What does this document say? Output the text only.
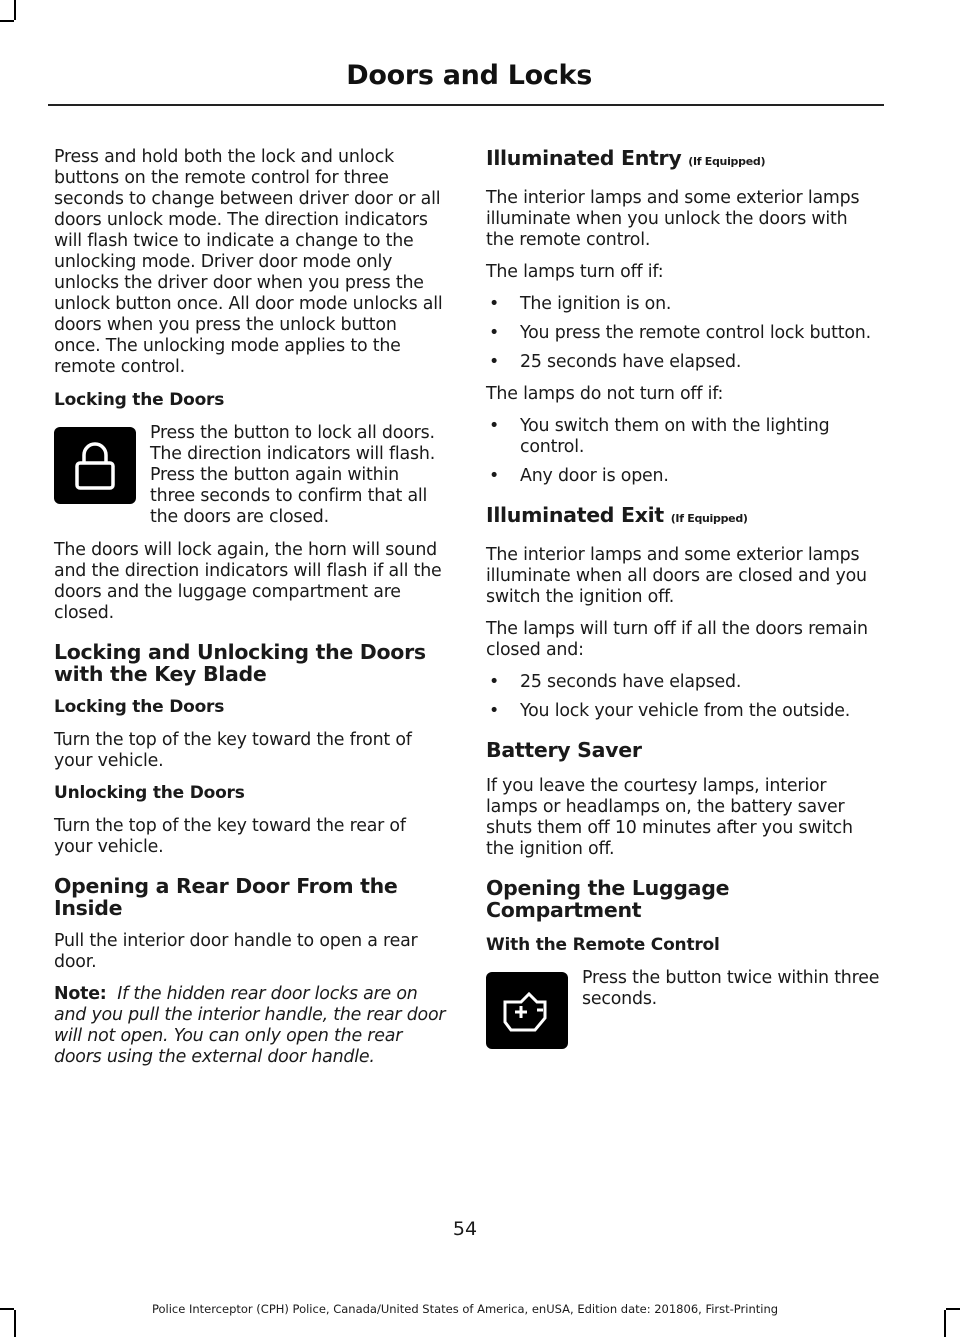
Doors and Locks

Press and hold both the lock and unlock buttons on the remote control for three seconds to change between driver door or all doors unlock mode. The direction indicators will flash twice to indicate a change to the unlocking mode. Driver door mode only unlocks the driver door when you press the unlock button once. All door mode unlocks all doors when you press the unlock button once. The unlocking mode applies to the remote control.

Locking the Doors

Press the button to lock all doors. The direction indicators will flash. Press the button again within three seconds to confirm that all the doors are closed.

The doors will lock again, the horn will sound and the direction indicators will flash if all the doors and the luggage compartment are closed.

Locking and Unlocking the Doors with the Key Blade
Locking the Doors

Turn the top of the key toward the front of your vehicle.

Unlocking the Doors

Turn the top of the key toward the rear of your vehicle.

Opening a Rear Door From the Inside

Pull the interior door handle to open a rear door.

Note: If the hidden rear door locks are on and you pull the interior handle, the rear door will not open. You can only open the rear doors using the external door handle.

Illuminated Entry (If Equipped)

The interior lamps and some exterior lamps illuminate when you unlock the doors with the remote control.

The lamps turn off if:

• The ignition is on.
• You press the remote control lock button.
• 25 seconds have elapsed.

The lamps do not turn off if:

• You switch them on with the lighting control.
• Any door is open.
Illuminated Exit (If Equipped)

The interior lamps and some exterior lamps illuminate when all doors are closed and you switch the ignition off.

The lamps will turn off if all the doors remain closed and:

• 25 seconds have elapsed.
• You lock your vehicle from the outside.
Battery Saver

If you leave the courtesy lamps, interior lamps or headlamps on, the battery saver shuts them off 10 minutes after you switch the ignition off.

Opening the Luggage Compartment
With the Remote Control

Press the button twice within three seconds.

54
Police Interceptor (CPH) Police, Canada/United States of America, enUSA, Edition date: 201806, First-Printing
